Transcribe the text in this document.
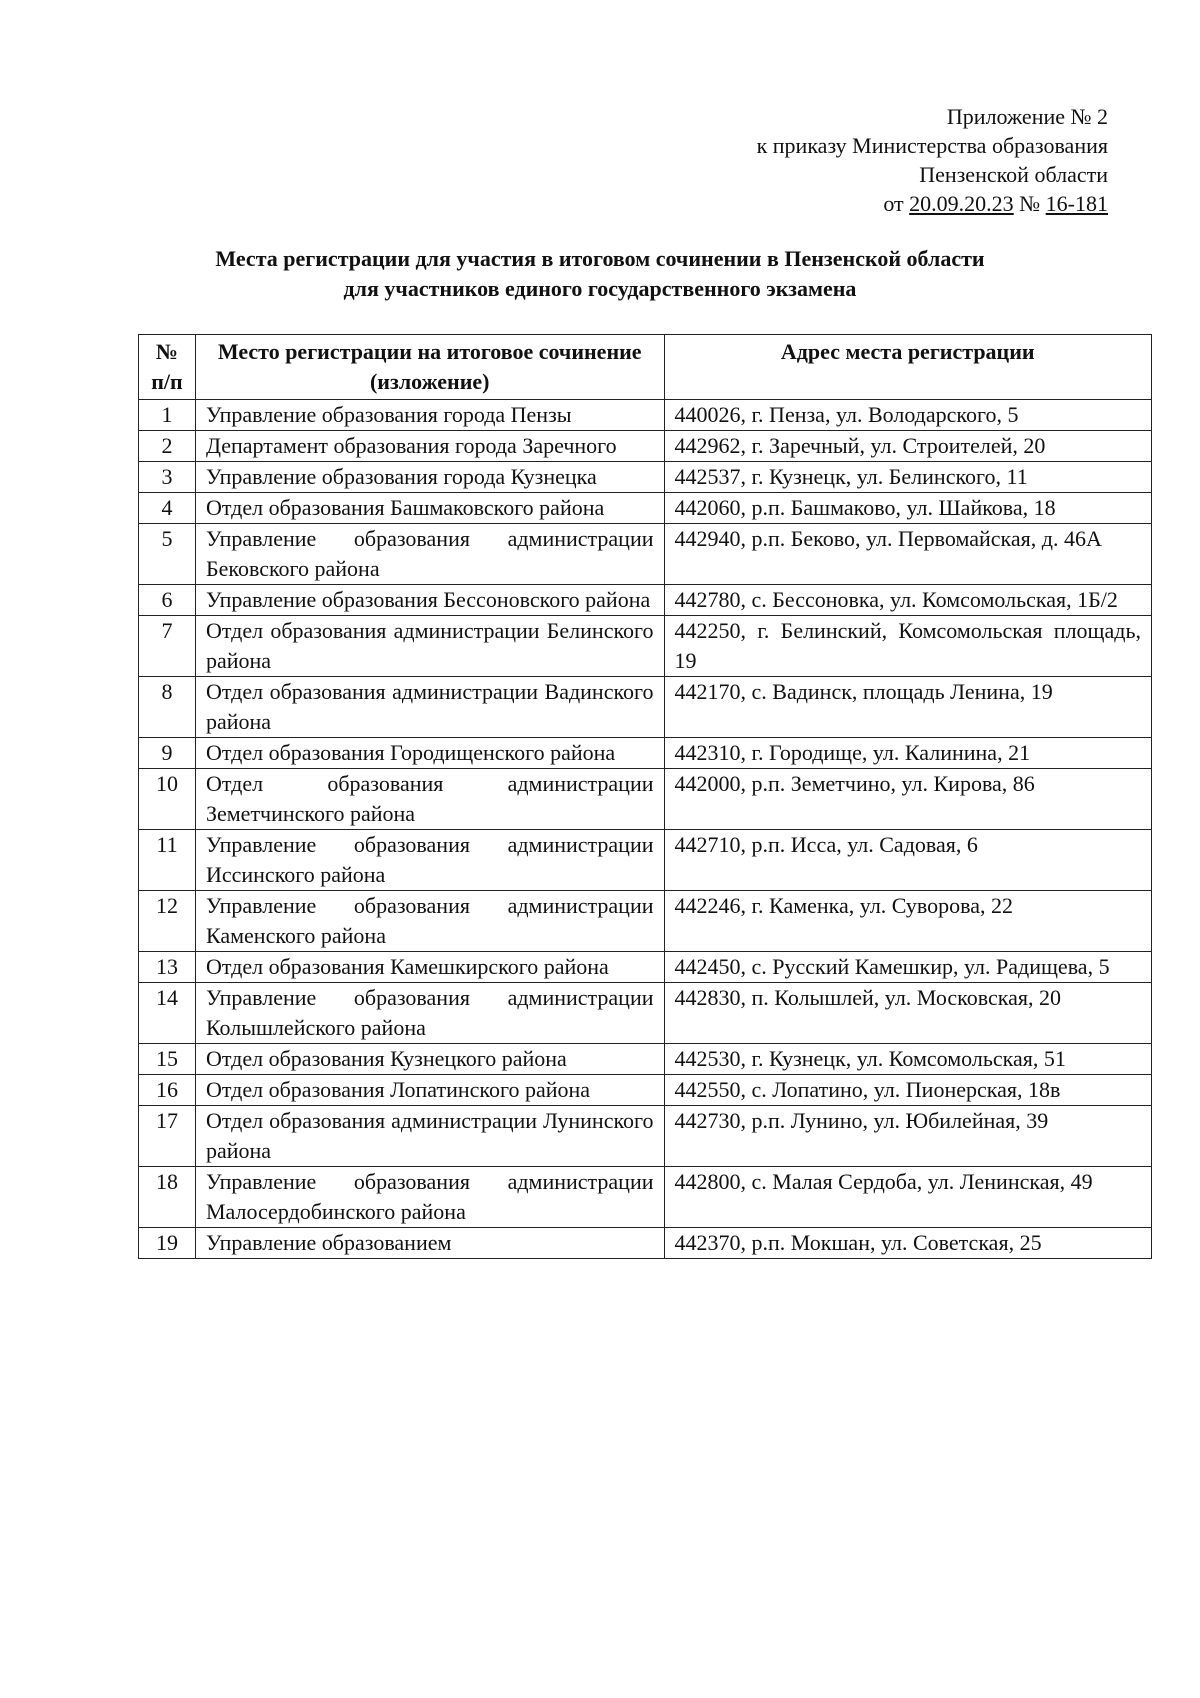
Приложение № 2
к приказу Министерства образования
Пензенской области
от 20.09.20.23 № 16-181
Места регистрации для участия в итоговом сочинении в Пензенской области
для участников единого государственного экзамена
№ п/п	Место регистрации на итоговое сочинение (изложение)	Адрес места регистрации
1	Управление образования города Пензы	440026, г. Пенза, ул. Володарского, 5
2	Департамент образования города Заречного	442962, г. Заречный, ул. Строителей, 20
3	Управление образования города Кузнецка	442537, г. Кузнецк, ул. Белинского, 11
4	Отдел образования Башмаковского района	442060, р.п. Башмаково, ул. Шайкова, 18
5	Управление образования администрации Бековского района	442940, р.п. Беково, ул. Первомайская, д. 46А
6	Управление образования Бессоновского района	442780, с. Бессоновка, ул. Комсомольская, 1Б/2
7	Отдел образования администрации Белинского района	442250, г. Белинский, Комсомольская площадь, 19
8	Отдел образования администрации Вадинского района	442170, с. Вадинск, площадь Ленина, 19
9	Отдел образования Городищенского района	442310, г. Городище, ул. Калинина, 21
10	Отдел образования администрации Земетчинского района	442000, р.п. Земетчино, ул. Кирова, 86
11	Управление образования администрации Иссинского района	442710, р.п. Исса, ул. Садовая, 6
12	Управление образования администрации Каменского района	442246, г. Каменка, ул. Суворова, 22
13	Отдел образования Камешкирского района	442450, с. Русский Камешкир, ул. Радищева, 5
14	Управление образования администрации Колышлейского района	442830, п. Колышлей, ул. Московская, 20
15	Отдел образования Кузнецкого района	442530, г. Кузнецк, ул. Комсомольская, 51
16	Отдел образования Лопатинского района	442550, с. Лопатино, ул. Пионерская, 18в
17	Отдел образования администрации Лунинского района	442730, р.п. Лунино, ул. Юбилейная, 39
18	Управление образования администрации Малосердобинского района	442800, с. Малая Сердоба, ул. Ленинская, 49
19	Управление образованием	442370, р.п. Мокшан, ул. Советская, 25
